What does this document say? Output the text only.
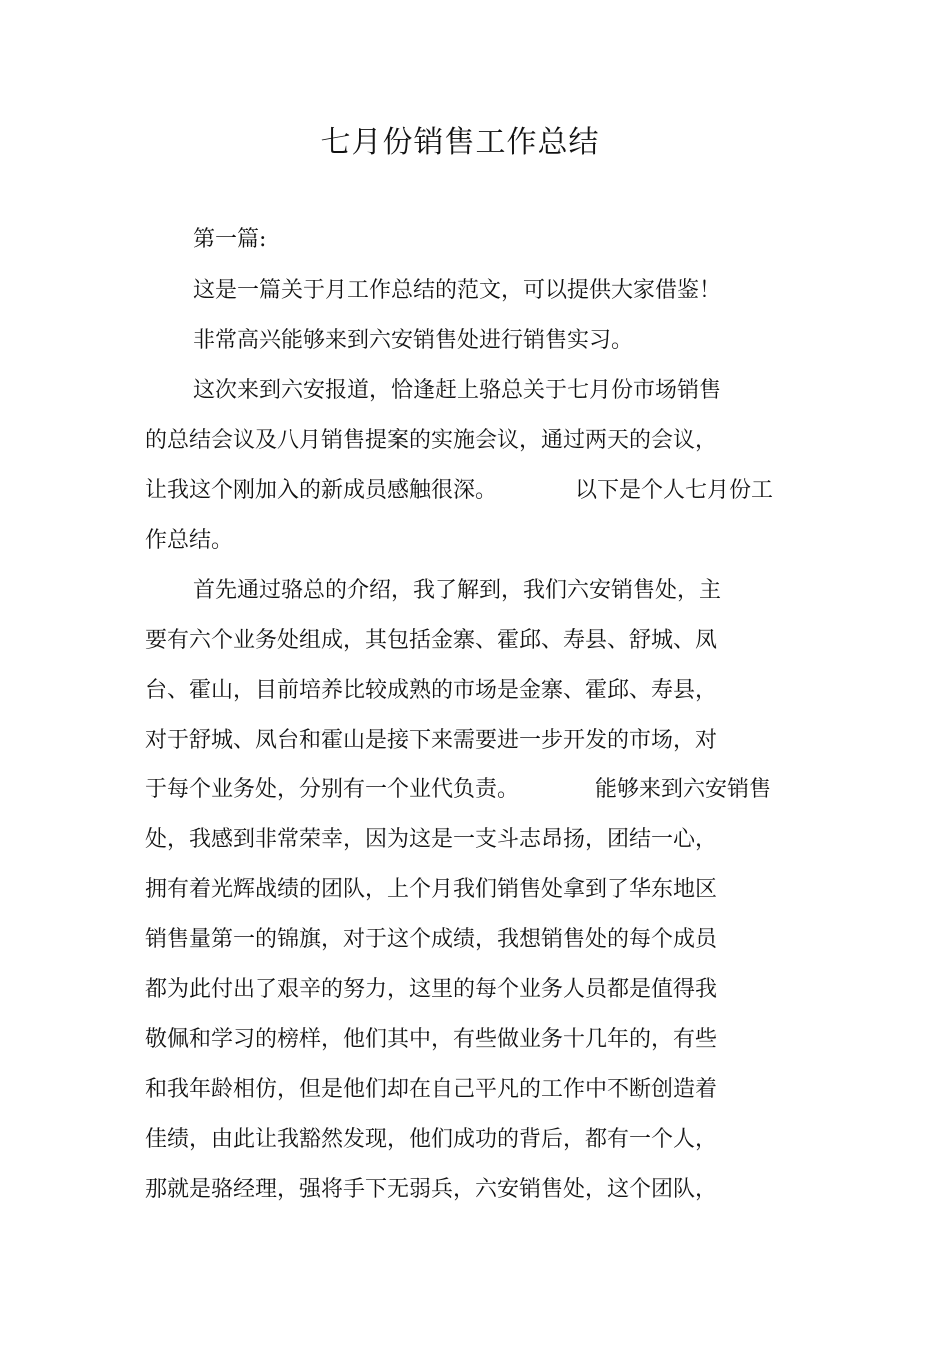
七月份销售工作总结
第一篇:
这是一篇关于月工作总结的范文，可以提供大家借鉴！
非常高兴能够来到六安销售处进行销售实习。
这次来到六安报道，恰逢赶上骆总关于七月份市场销售
的总结会议及八月销售提案的实施会议，通过两天的会议，
让我这个刚加入的新成员感触很深。	以下是个人七月份工
作总结。
首先通过骆总的介绍，我了解到，我们六安销售处，主
要有六个业务处组成，其包括金寨、霍邱、寿县、舒城、凤
台、霍山，目前培养比较成熟的市场是金寨、霍邱、寿县，
对于舒城、凤台和霍山是接下来需要进一步开发的市场，对
于每个业务处，分别有一个业代负责。	能够来到六安销售
处，我感到非常荣幸，因为这是一支斗志昂扬，团结一心，
拥有着光辉战绩的团队，上个月我们销售处拿到了华东地区
销售量第一的锦旗，对于这个成绩，我想销售处的每个成员
都为此付出了艰辛的努力，这里的每个业务人员都是值得我
敬佩和学习的榜样，他们其中，有些做业务十几年的，有些
和我年龄相仿，但是他们却在自己平凡的工作中不断创造着
佳绩，由此让我豁然发现，他们成功的背后，都有一个人，
那就是骆经理，强将手下无弱兵，六安销售处，这个团队，
